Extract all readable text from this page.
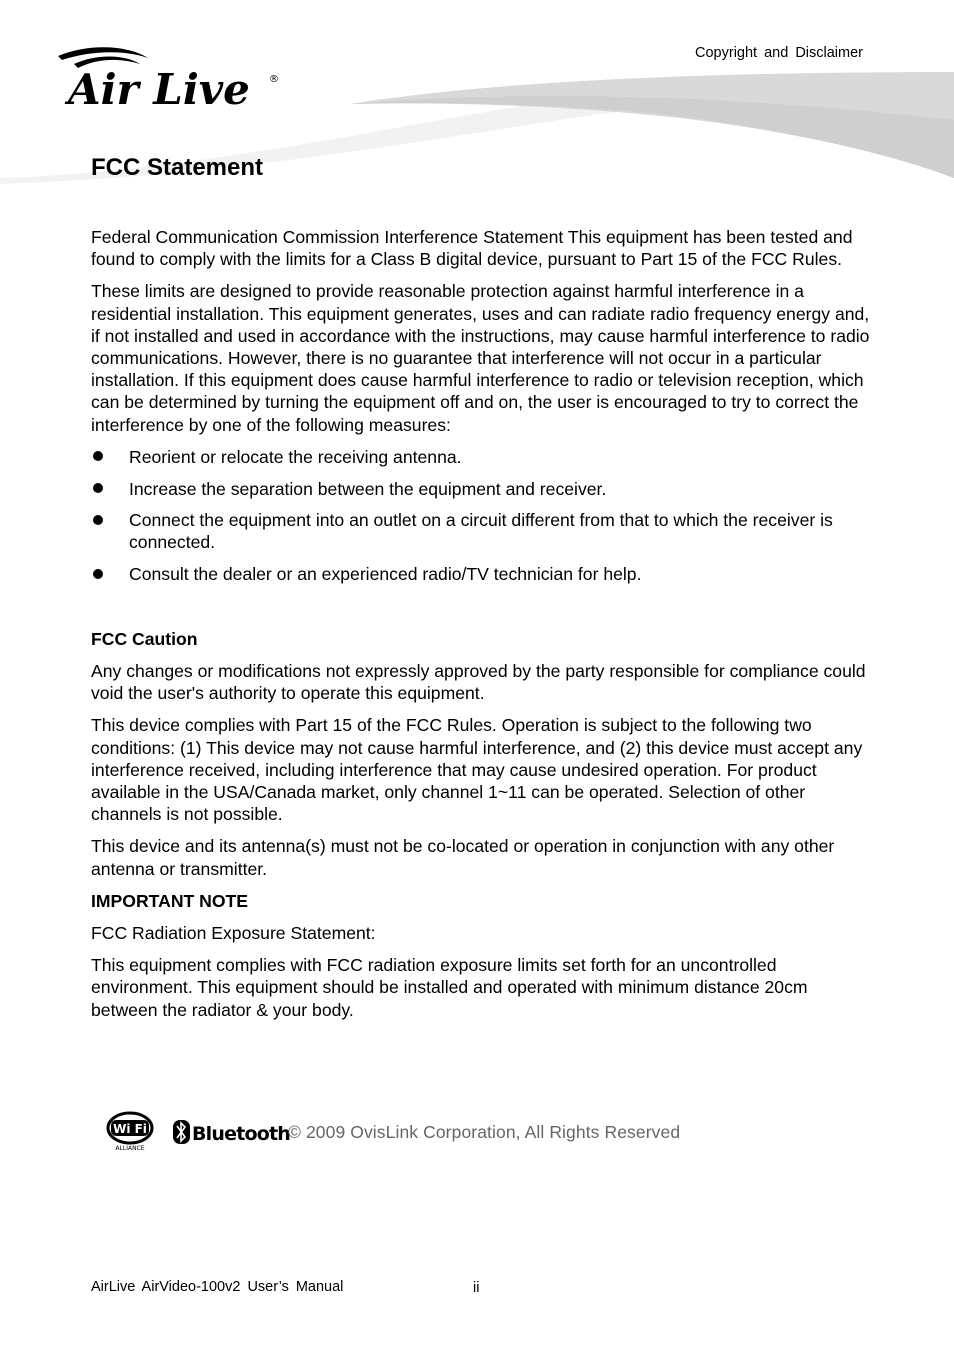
Copyright and Disclaimer
Air Live ®
FCC Statement

Federal Communication Commission Interference Statement This equipment has been tested and found to comply with the limits for a Class B digital device, pursuant to Part 15 of the FCC Rules.

These limits are designed to provide reasonable protection against harmful interference in a residential installation. This equipment generates, uses and can radiate radio frequency energy and, if not installed and used in accordance with the instructions, may cause harmful interference to radio communications. However, there is no guarantee that interference will not occur in a particular installation. If this equipment does cause harmful interference to radio or television reception, which can be determined by turning the equipment off and on, the user is encouraged to try to correct the interference by one of the following measures:

Reorient or relocate the receiving antenna.
Increase the separation between the equipment and receiver.
Connect the equipment into an outlet on a circuit different from that to which the receiver is connected.
Consult the dealer or an experienced radio/TV technician for help.

FCC Caution

Any changes or modifications not expressly approved by the party responsible for compliance could void the user's authority to operate this equipment.

This device complies with Part 15 of the FCC Rules. Operation is subject to the following two conditions: (1) This device may not cause harmful interference, and (2) this device must accept any interference received, including interference that may cause undesired operation. For product available in the USA/Canada market, only channel 1~11 can be operated. Selection of other channels is not possible.

This device and its antenna(s) must not be co-located or operation in conjunction with any other antenna or transmitter.

IMPORTANT NOTE

FCC Radiation Exposure Statement:

This equipment complies with FCC radiation exposure limits set forth for an uncontrolled environment. This equipment should be installed and operated with minimum distance 20cm between the radiator & your body.

Wi Fi
ALLIANCE
Bluetooth
© 2009 OvisLink Corporation, All Rights Reserved
AirLive AirVideo-100v2 User’s Manual	ii
